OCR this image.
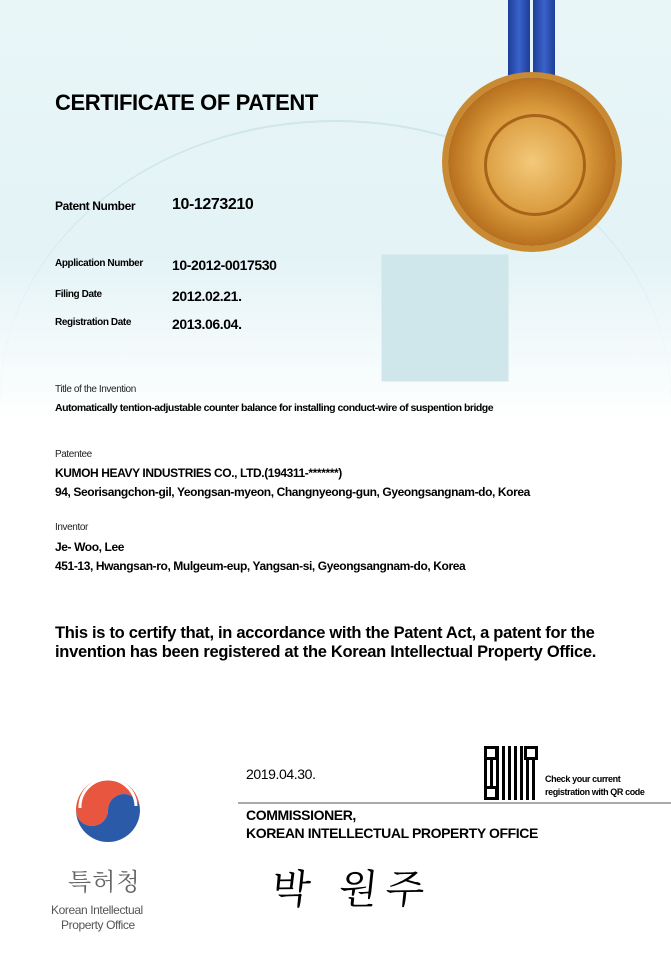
CERTIFICATE OF PATENT
Patent Number 10-1273210
Application Number 10-2012-0017530
Filing Date	2012.02.21.
Registration Date	2013.06.04.
Title of the Invention
Automatically tention-adjustable counter balance for installing conduct-wire of suspention bridge
Patentee
KUMOH HEAVY INDUSTRIES CO., LTD.(194311-*******)
94, Seorisangchon-gil, Yeongsan-myeon, Changnyeong-gun, Gyeongsangnam-do, Korea
Inventor
Je- Woo, Lee
451-13, Hwangsan-ro, Mulgeum-eup, Yangsan-si, Gyeongsangnam-do, Korea
This is to certify that, in accordance with the Patent Act, a patent for the invention has been registered at the Korean Intellectual Property Office.
특허청
Korean Intellectual
Property Office
2019.04.30.	Check your current
registration with QR code
COMMISSIONER,
KOREAN INTELLECTUAL PROPERTY OFFICE
박 원주
